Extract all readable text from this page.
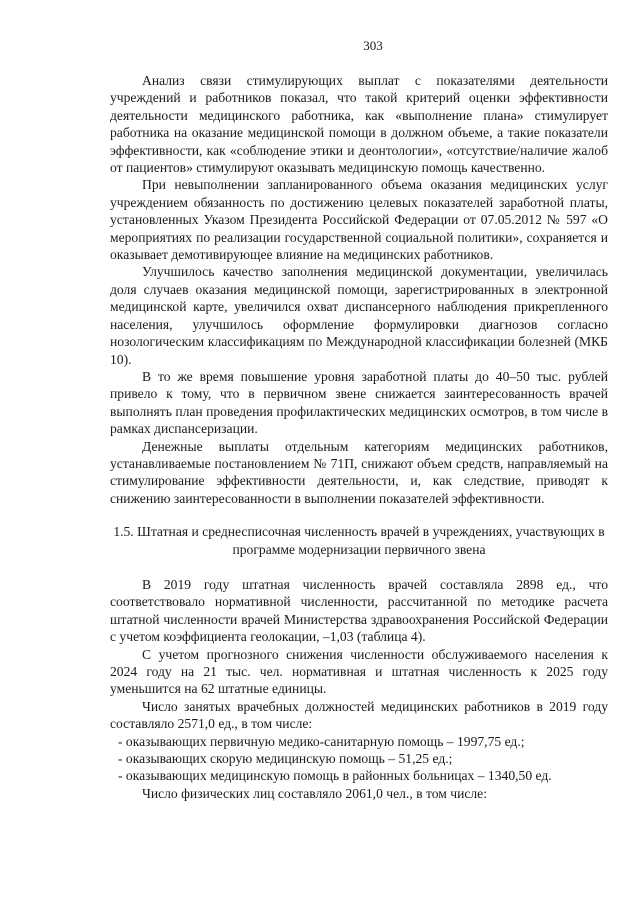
303

Анализ связи стимулирующих выплат с показателями деятельности учреждений и работников показал, что такой критерий оценки эффективности деятельности медицинского работника, как «выполнение плана» стимулирует работника на оказание медицинской помощи в должном объеме, а такие показатели эффективности, как «соблюдение этики и деонтологии», «отсутствие/наличие жалоб от пациентов» стимулируют оказывать медицинскую помощь качественно.

При невыполнении запланированного объема оказания медицинских услуг учреждением обязанность по достижению целевых показателей заработной платы, установленных Указом Президента Российской Федерации от 07.05.2012 № 597 «О мероприятиях по реализации государственной социальной политики», сохраняется и оказывает демотивирующее влияние на медицинских работников.

Улучшилось качество заполнения медицинской документации, увеличилась доля случаев оказания медицинской помощи, зарегистрированных в электронной медицинской карте, увеличился охват диспансерного наблюдения прикрепленного населения, улучшилось оформление формулировки диагнозов согласно нозологическим классификациям по Международной классификации болезней (МКБ 10).

В то же время повышение уровня заработной платы до 40–50 тыс. рублей привело к тому, что в первичном звене снижается заинтересованность врачей выполнять план проведения профилактических медицинских осмотров, в том числе в рамках диспансеризации.

Денежные выплаты отдельным категориям медицинских работников, устанавливаемые постановлением № 71П, снижают объем средств, направляемый на стимулирование эффективности деятельности, и, как следствие, приводят к снижению заинтересованности в выполнении показателей эффективности.

1.5. Штатная и среднесписочная численность врачей в учреждениях, участвующих в программе модернизации первичного звена

В 2019 году штатная численность врачей составляла 2898 ед., что соответствовало нормативной численности, рассчитанной по методике расчета штатной численности врачей Министерства здравоохранения Российской Федерации с учетом коэффициента геолокации, –1,03 (таблица 4).

С учетом прогнозного снижения численности обслуживаемого населения к 2024 году на 21 тыс. чел. нормативная и штатная численность к 2025 году уменьшится на 62 штатные единицы.

Число занятых врачебных должностей медицинских работников в 2019 году составляло 2571,0 ед., в том числе:

- оказывающих первичную медико-санитарную помощь – 1997,75 ед.;

- оказывающих скорую медицинскую помощь – 51,25 ед.;

- оказывающих медицинскую помощь в районных больницах – 1340,50 ед.

Число физических лиц составляло 2061,0 чел., в том числе:
